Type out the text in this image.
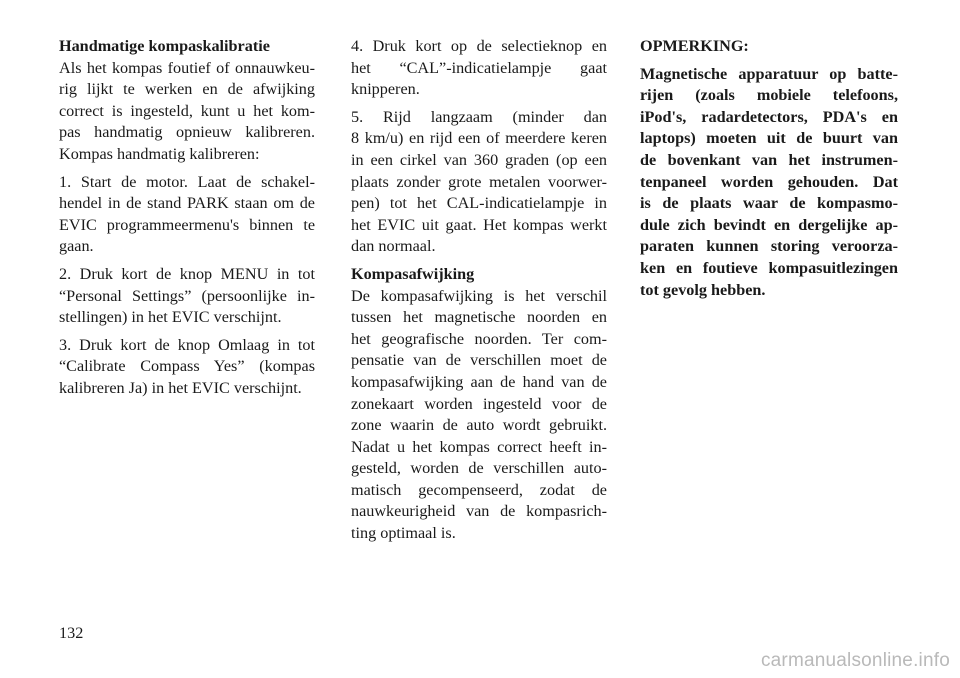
Handmatige kompaskalibratie
Als het kompas foutief of onnauwkeu-
rig lijkt te werken en de afwijking
correct is ingesteld, kunt u het kom-
pas handmatig opnieuw kalibreren.
Kompas handmatig kalibreren:
1. Start de motor. Laat de schakel-
hendel in de stand PARK staan om de
EVIC programmeermenu's binnen te
gaan.
2. Druk kort de knop MENU in tot
“Personal Settings” (persoonlijke in-
stellingen) in het EVIC verschijnt.
3. Druk kort de knop Omlaag in tot
“Calibrate Compass Yes” (kompas
kalibreren Ja) in het EVIC verschijnt.
4. Druk kort op de selectieknop en
het “CAL”-indicatielampje gaat
knipperen.
5. Rijd langzaam (minder dan
8 km/u) en rijd een of meerdere keren
in een cirkel van 360 graden (op een
plaats zonder grote metalen voorwer-
pen) tot het CAL-indicatielampje in
het EVIC uit gaat. Het kompas werkt
dan normaal.
Kompasafwijking
De kompasafwijking is het verschil
tussen het magnetische noorden en
het geografische noorden. Ter com-
pensatie van de verschillen moet de
kompasafwijking aan de hand van de
zonekaart worden ingesteld voor de
zone waarin de auto wordt gebruikt.
Nadat u het kompas correct heeft in-
gesteld, worden de verschillen auto-
matisch gecompenseerd, zodat de
nauwkeurigheid van de kompasrich-
ting optimaal is.
OPMERKING:
Magnetische apparatuur op batte-
rijen (zoals mobiele telefoons,
iPod's, radardetectors, PDA's en
laptops) moeten uit de buurt van
de bovenkant van het instrumen-
tenpaneel worden gehouden. Dat
is de plaats waar de kompasmo-
dule zich bevindt en dergelijke ap-
paraten kunnen storing veroorza-
ken en foutieve kompasuitlezingen
tot gevolg hebben.
132
carmanualsonline.info
